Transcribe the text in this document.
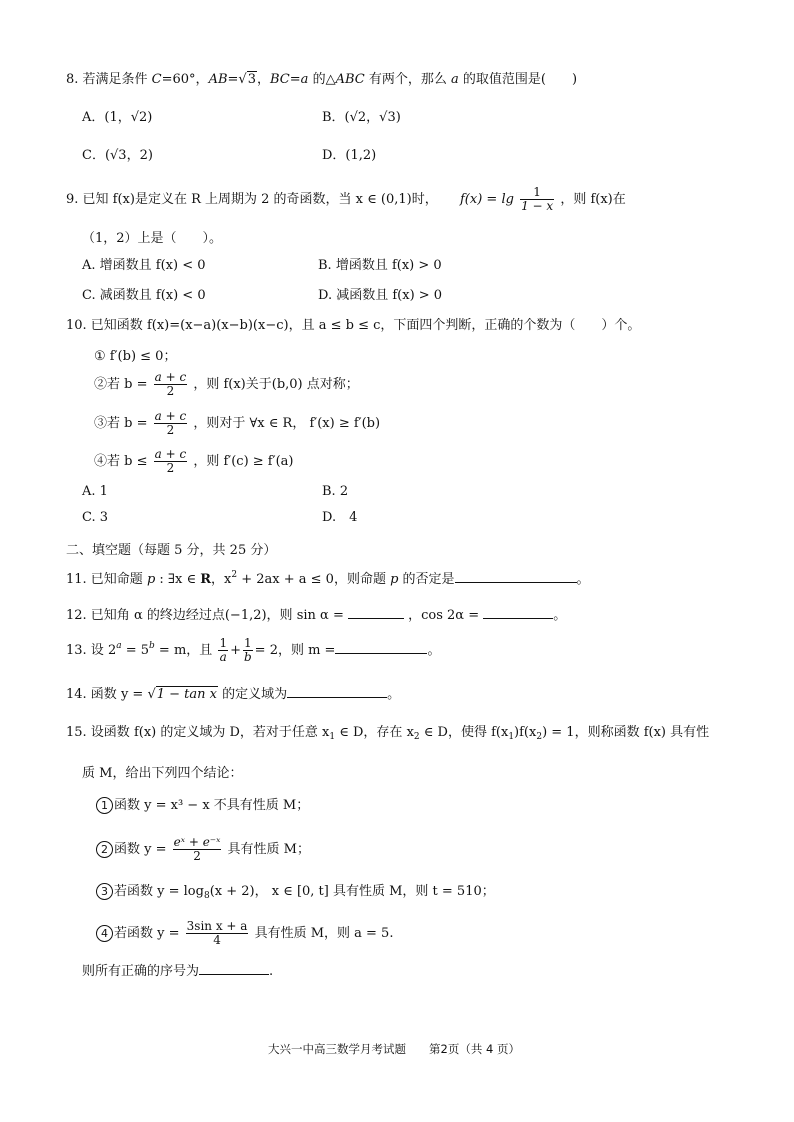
8. 若满足条件 C=60°，AB=√3，BC=a 的△ABC 有两个，那么 a 的取值范围是(　　)
A．(1，√2)	B．(√2，√3)
C．(√3，2)	D．(1,2)
9. 已知 f(x)是定义在 R 上周期为 2 的奇函数，当 x ∈ (0,1)时， $f(x) = \lg \frac{1}{1 - x}$ ，则 f(x)在
（1，2）上是（　　）。
A. 增函数且 f(x) < 0	B. 增函数且 f(x) > 0
C. 减函数且 f(x) < 0	D. 减函数且 f(x) > 0
10. 已知函数 f(x)=(x−a)(x−b)(x−c)，且 a ≤ b ≤ c，下面四个判断，正确的个数为（　　）个。
① f′(b) ≤ 0；
②若 $b = \frac{a + c}{2}$ ，则 f(x)关于(b,0) 点对称；
③若 $b = \frac{a + c}{2}$ ，则对于 ∀x ∈ R， f′(x) ≥ f′(b)
④若 $b \le \frac{a + c}{2}$ ，则 f′(c) ≥ f′(a)
A. 1	B. 2
C. 3	D.　4
二、填空题（每题 5 分，共 25 分）
11. 已知命题 p : ∃x ∈ R，$x^2 + 2ax + a \le 0$，则命题 p 的否定是	。
12. 已知角 α 的终边经过点(−1,2)，则 sin α =	，cos 2α =	。
13. 设 $2^a = 5^b = m$，且 $\frac{1}{a} + \frac{1}{b} = 2$，则 m =	。
14. 函数 y = √1 − tan x 的定义域为	。
15. 设函数 f(x) 的定义域为 D，若对于任意 $x_1$ ∈ D，存在 $x_2$ ∈ D，使得 $f(x_1)f(x_2) = 1$，则称函数 f(x) 具有性
质 M，给出下列四个结论：
1 函数 y = x³ − x 不具有性质 M；
2 函数 $y = \frac{\text{eˣ + e⁻ˣ}}{2}$ 具有性质 M；
3 若函数 $y = \log_8(x + 2)$， x ∈ [0, t] 具有性质 M，则 t = 510；
4 若函数 $y = \frac{\text{3sin x + a}}{4}$ 具有性质 M，则 a = 5.
则所有正确的序号为	.
大兴一中高三数学月考试题　　第2页（共 4 页）
